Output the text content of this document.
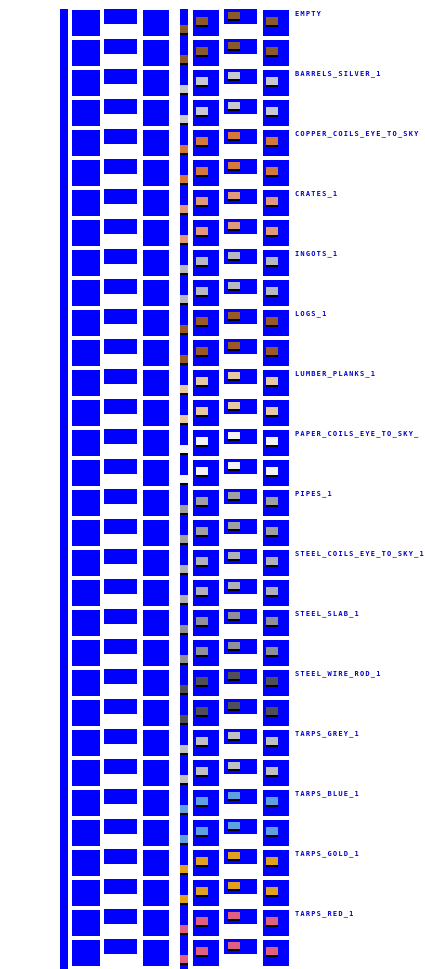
EMPTY
BARRELS_SILVER_1
COPPER_COILS_EYE_TO_SKY
CRATES_1
INGOTS_1
LOGS_1
LUMBER_PLANKS_1
PAPER_COILS_EYE_TO_SKY_
PIPES_1
STEEL_COILS_EYE_TO_SKY_1
STEEL_SLAB_1
STEEL_WIRE_ROD_1
TARPS_GREY_1
TARPS_BLUE_1
TARPS_GOLD_1
TARPS_RED_1
